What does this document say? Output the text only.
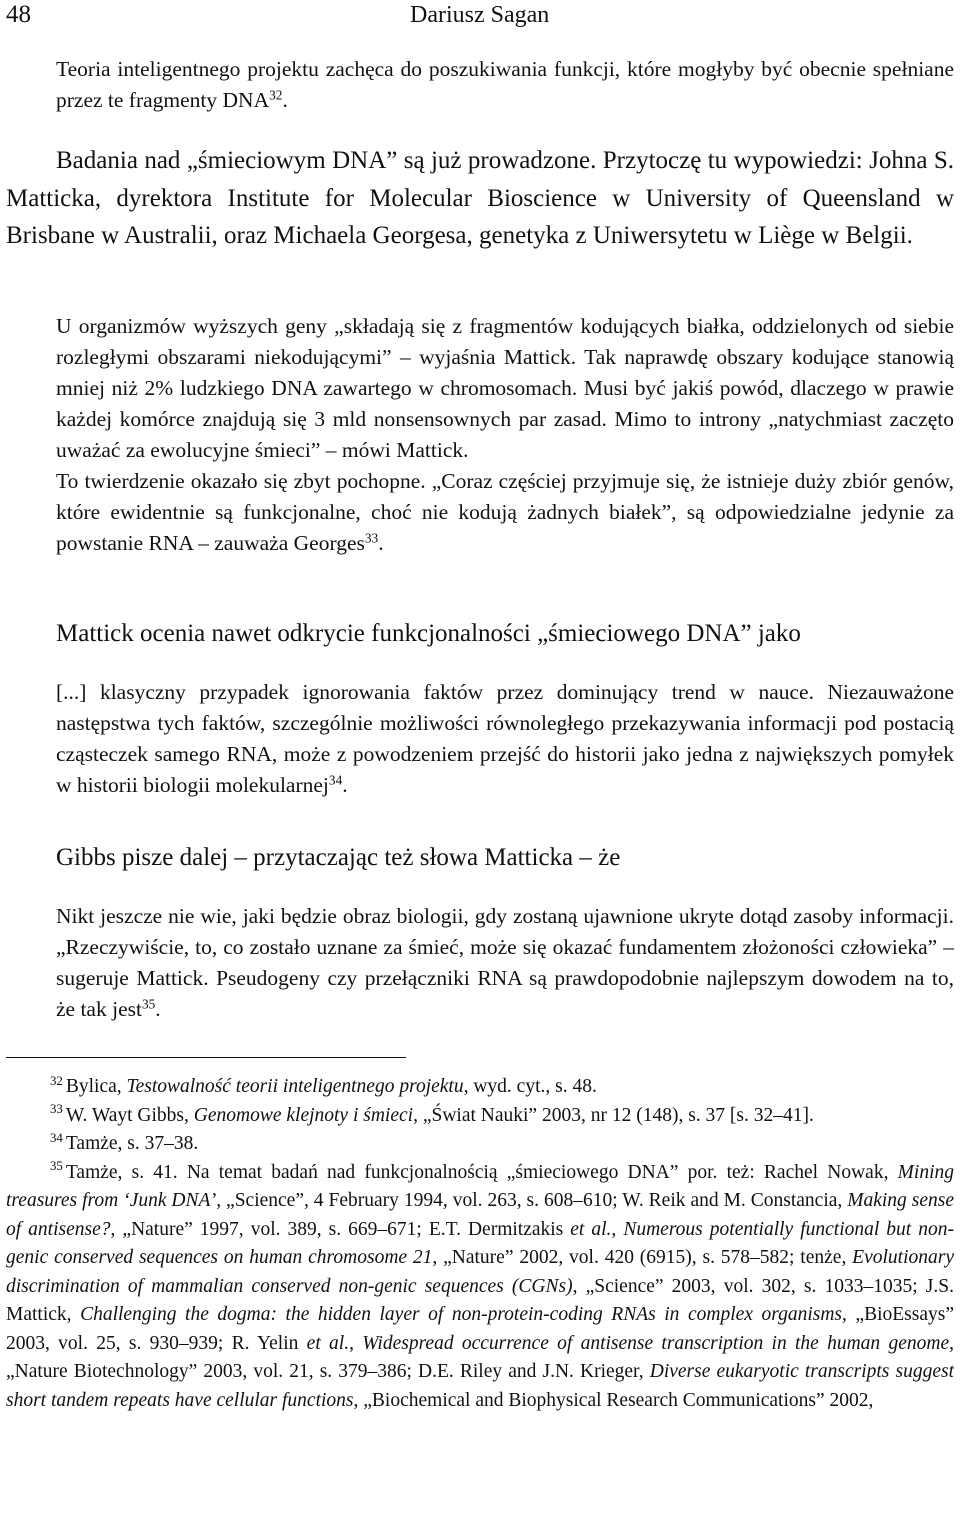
48	Dariusz Sagan

Teoria inteligentnego projektu zachęca do poszukiwania funkcji, które mogłyby być obecnie spełniane przez te fragmenty DNA$^{32}$.

Badania nad „śmieciowym DNA” są już prowadzone. Przytoczę tu wypowiedzi: Johna S. Matticka, dyrektora Institute for Molecular Bioscience w University of Queensland w Brisbane w Australii, oraz Michaela Georgesa, genetyka z Uniwersytetu w Liège w Belgii.

U organizmów wyższych geny „składają się z fragmentów kodujących białka, oddzielonych od siebie rozległymi obszarami niekodującymi” – wyjaśnia Mattick. Tak naprawdę obszary kodujące stanowią mniej niż 2% ludzkiego DNA zawartego w chromosomach. Musi być jakiś powód, dlaczego w prawie każdej komórce znajdują się 3 mld nonsensownych par zasad. Mimo to introny „natychmiast zaczęto uważać za ewolucyjne śmieci” – mówi Mattick.

To twierdzenie okazało się zbyt pochopne. „Coraz częściej przyjmuje się, że istnieje duży zbiór genów, które ewidentnie są funkcjonalne, choć nie kodują żadnych białek”, są odpowiedzialne jedynie za powstanie RNA – zauważa Georges$^{33}$.

Mattick ocenia nawet odkrycie funkcjonalności „śmieciowego DNA” jako

[...] klasyczny przypadek ignorowania faktów przez dominujący trend w nauce. Niezauważone następstwa tych faktów, szczególnie możliwości równoległego przekazywania informacji pod postacią cząsteczek samego RNA, może z powodzeniem przejść do historii jako jedna z największych pomyłek w historii biologii molekularnej$^{34}$.

Gibbs pisze dalej – przytaczając też słowa Matticka – że

Nikt jeszcze nie wie, jaki będzie obraz biologii, gdy zostaną ujawnione ukryte dotąd zasoby informacji. „Rzeczywiście, to, co zostało uznane za śmieć, może się okazać fundamentem złożoności człowieka” – sugeruje Mattick. Pseudogeny czy przełączniki RNA są prawdopodobnie najlepszym dowodem na to, że tak jest$^{35}$.

$^{32}$ Bylica, Testowalność teorii inteligentnego projektu, wyd. cyt., s. 48.

$^{33}$ W. Wayt Gibbs, Genomowe klejnoty i śmieci, „Świat Nauki” 2003, nr 12 (148), s. 37 [s. 32–41].

$^{34}$ Tamże, s. 37–38.

$^{35}$ Tamże, s. 41. Na temat badań nad funkcjonalnością „śmieciowego DNA” por. też: Rachel Nowak, Mining treasures from ‘Junk DNA’, „Science”, 4 February 1994, vol. 263, s. 608–610; W. Reik and M. Constancia, Making sense of antisense?, „Nature” 1997, vol. 389, s. 669–671; E.T. Dermitzakis et al., Numerous potentially functional but non-genic conserved sequences on human chromosome 21, „Nature” 2002, vol. 420 (6915), s. 578–582; tenże, Evolutionary discrimination of mammalian conserved non-genic sequences (CGNs), „Science” 2003, vol. 302, s. 1033–1035; J.S. Mattick, Challenging the dogma: the hidden layer of non-protein-coding RNAs in complex organisms, „BioEssays” 2003, vol. 25, s. 930–939; R. Yelin et al., Widespread occurrence of antisense transcription in the human genome, „Nature Biotechnology” 2003, vol. 21, s. 379–386; D.E. Riley and J.N. Krieger, Diverse eukaryotic transcripts suggest short tandem repeats have cellular functions, „Biochemical and Biophysical Research Communications” 2002,
